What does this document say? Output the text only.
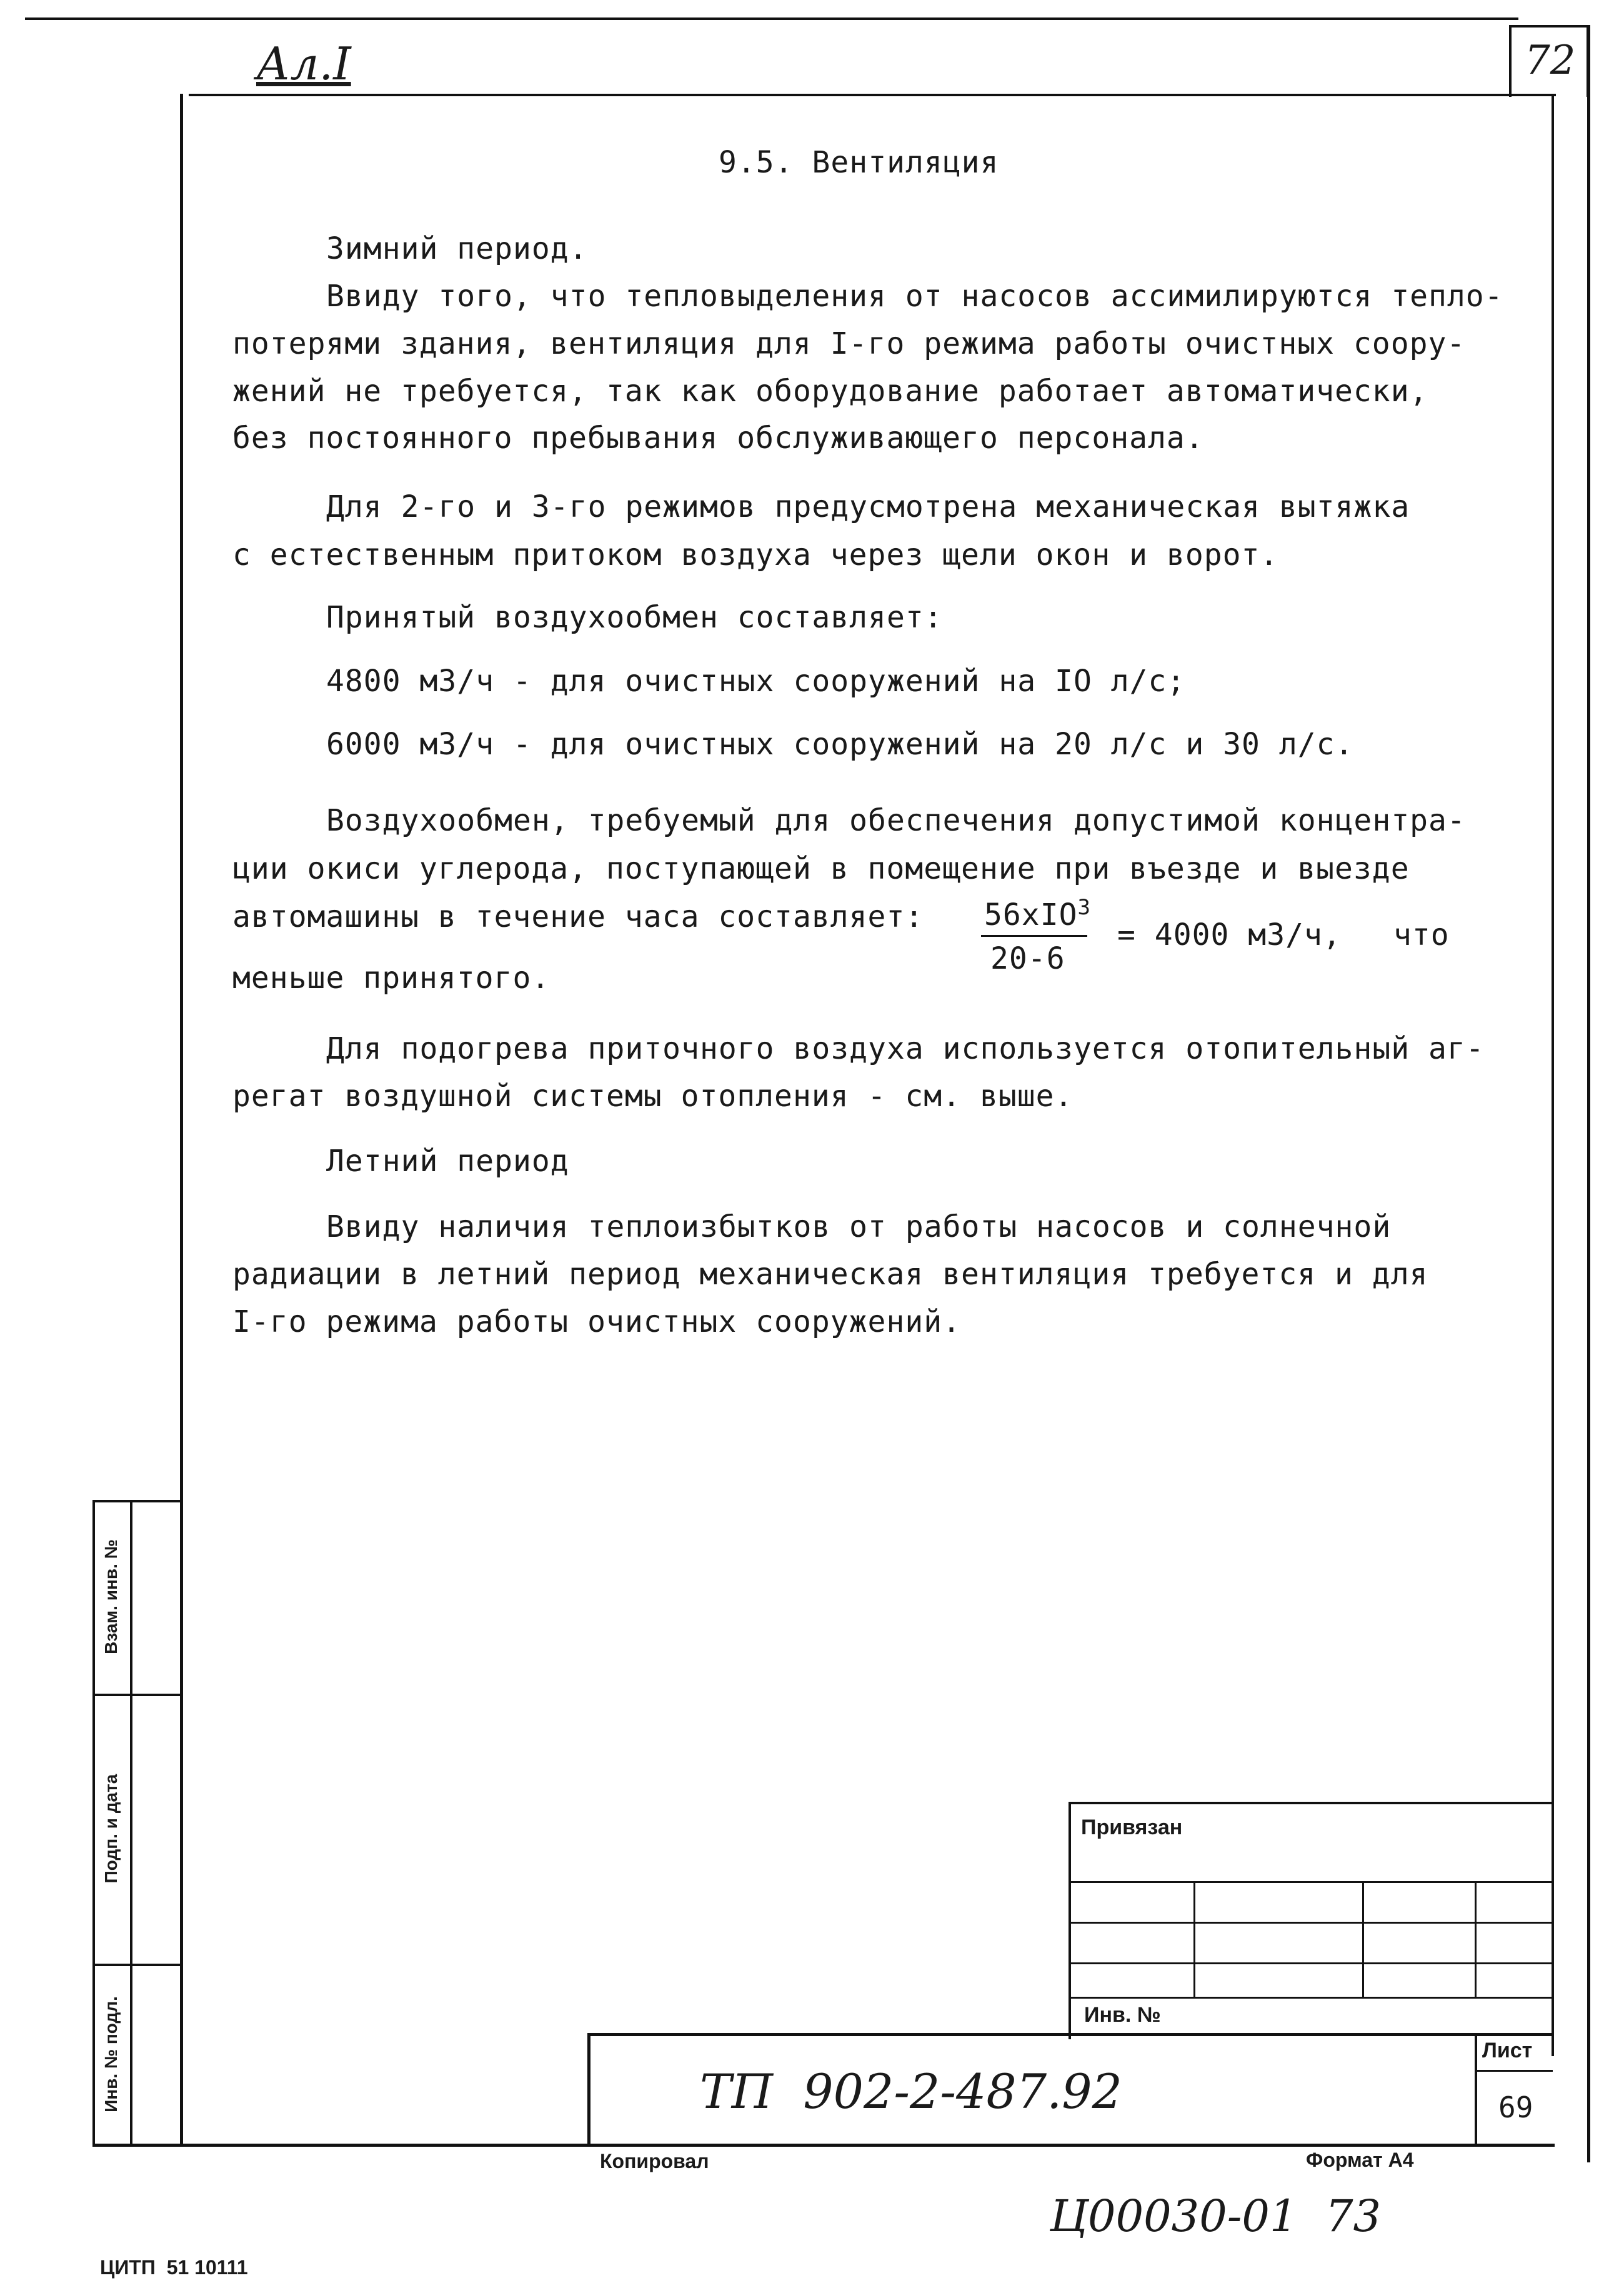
72
Ал.I
9.5. Вентиляция
Зимний период.
Ввиду того, что тепловыделения от насосов ассимилируются тепло-
потерями здания, вентиляция для I-го режима работы очистных соору-
жений не требуется, так как оборудование работает автоматически,
без постоянного пребывания обслуживающего персонала.
Для 2-го и 3-го режимов предусмотрена механическая вытяжка
с естественным притоком воздуха через щели окон и ворот.
Принятый воздухообмен составляет:
4800 м3/ч - для очистных сооружений на IO л/с;
6000 м3/ч - для очистных сооружений на 20 л/с и 30 л/с.
Воздухообмен, требуемый для обеспечения допустимой концентра-
ции окиси углерода, поступающей в помещение при въезде и выезде
автомашины в течение часа составляет: 56xIO$^3$
20-6
= 4000 м3/ч, что
меньше принятого.
Для подогрева приточного воздуха используется отопительный аг-
регат воздушной системы отопления - см. выше.
Летний период
Ввиду наличия теплоизбытков от работы насосов и солнечной
радиации в летний период механическая вентиляция требуется и для
I-го режима работы очистных сооружений.
Взам. инв. №
Подп. и дата
Инв. № подл.
Привязан
Инв. №
Лист
69
ТП  902-2-487.92
Копировал	Формат А4
Ц00030-01  73
ЦИТП  51 10111
